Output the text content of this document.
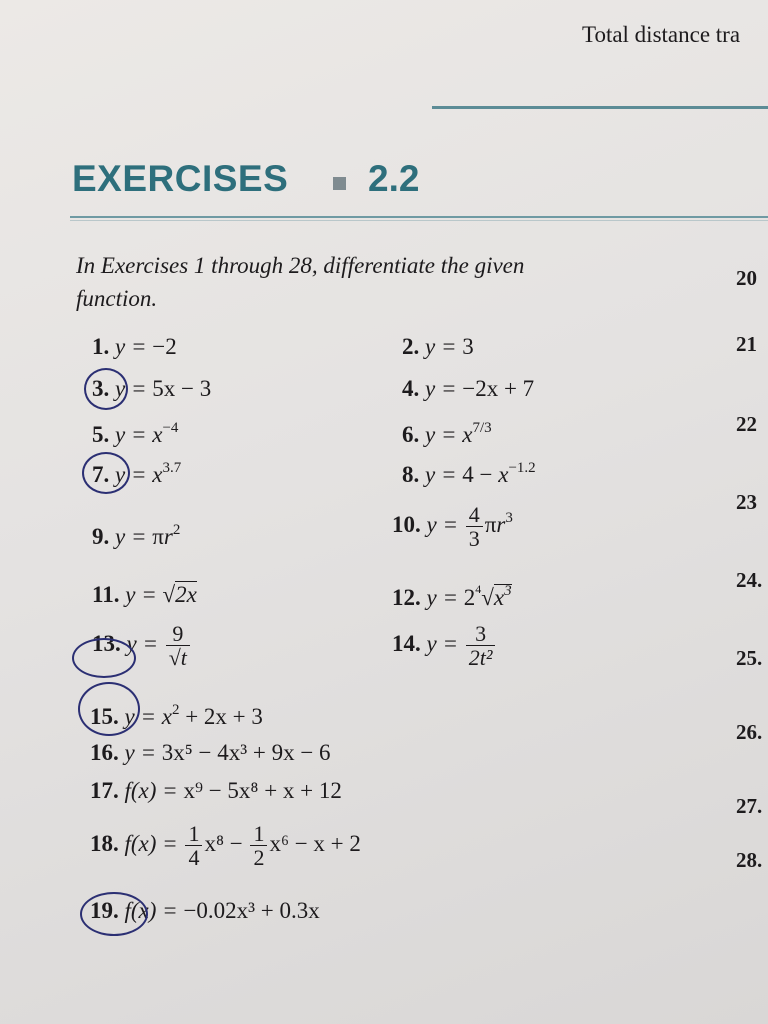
Total distance tra
EXERCISES 2.2
In Exercises 1 through 28, differentiate the given
function.
20
21
22
23
24.
25.
26.
27.
28.
1. y = −2	2. y = 3
3. y = 5x − 3	4. y = −2x + 7
5. $y = x^{-4}$	6. $y = x^{7/3}$
7. $y = x^{3.7}$	8. $y = 4 - x^{-1.2}$
9. $y = \pi r^2$	10. $y = \frac{4}{3} \pi r^3$
11. y = √2x	12. $y = 2^4√x^3$
13. $y = \frac{9}{√t}$	14. $y = \frac{3}{\text{2t²}}$
15. $y = x^2 + 2x + 3$
16. y = 3x⁵ − 4x³ + 9x − 6
17. f(x) = x⁹ − 5x⁸ + x + 12
18. $f(x) = \frac{1}{4} x^8 - \frac{1}{2} x^6 - x + 2$
19. f(x) = −0.02x³ + 0.3x
